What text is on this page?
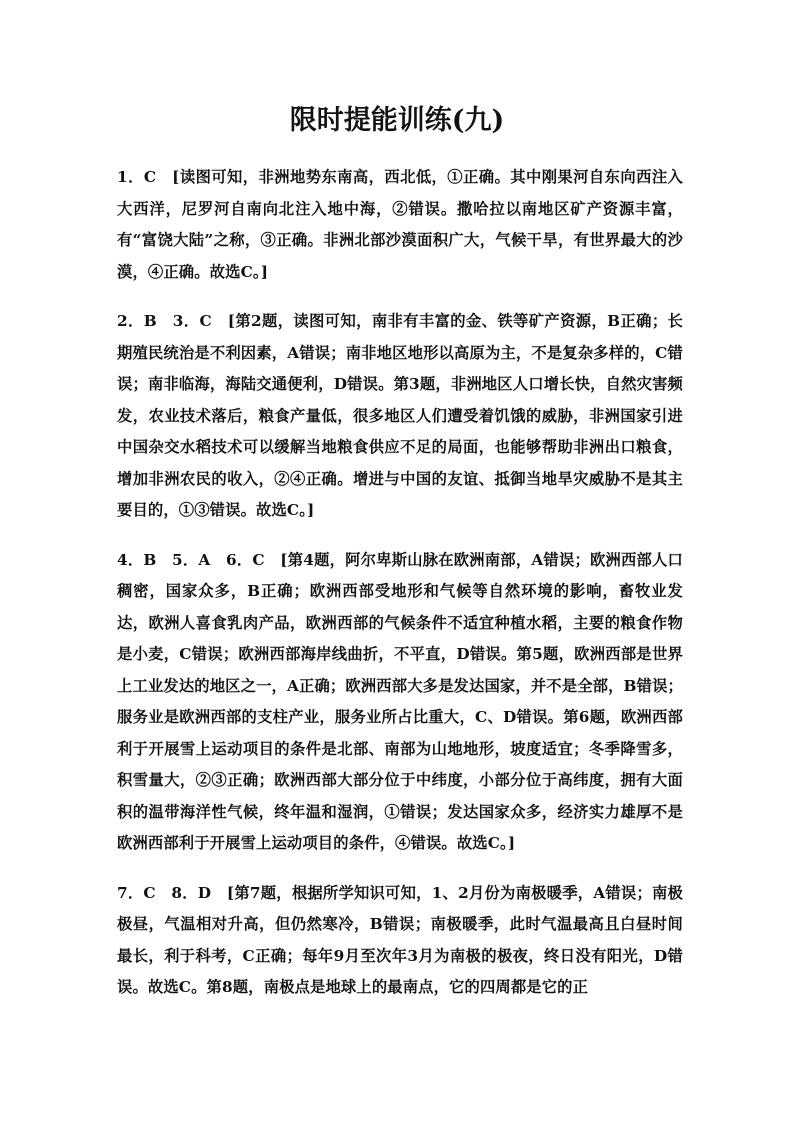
限时提能训练(九)

1．C　[读图可知，非洲地势东南高，西北低，①正确。其中刚果河自东向西注入大西洋，尼罗河自南向北注入地中海，②错误。撒哈拉以南地区矿产资源丰富，有“富饶大陆”之称，③正确。非洲北部沙漠面积广大，气候干旱，有世界最大的沙漠，④正确。故选C。]

2．B　3．C　[第2题，读图可知，南非有丰富的金、铁等矿产资源，B正确；长期殖民统治是不利因素，A错误；南非地区地形以高原为主，不是复杂多样的，C错误；南非临海，海陆交通便利，D错误。第3题，非洲地区人口增长快，自然灾害频发，农业技术落后，粮食产量低，很多地区人们遭受着饥饿的威胁，非洲国家引进中国杂交水稻技术可以缓解当地粮食供应不足的局面，也能够帮助非洲出口粮食，增加非洲农民的收入，②④正确。增进与中国的友谊、抵御当地旱灾威胁不是其主要目的，①③错误。故选C。]

4．B　5．A　6．C　[第4题，阿尔卑斯山脉在欧洲南部，A错误；欧洲西部人口稠密，国家众多，B正确；欧洲西部受地形和气候等自然环境的影响，畜牧业发达，欧洲人喜食乳肉产品，欧洲西部的气候条件不适宜种植水稻，主要的粮食作物是小麦，C错误；欧洲西部海岸线曲折，不平直，D错误。第5题，欧洲西部是世界上工业发达的地区之一，A正确；欧洲西部大多是发达国家，并不是全部，B错误；服务业是欧洲西部的支柱产业，服务业所占比重大，C、D错误。第6题，欧洲西部利于开展雪上运动项目的条件是北部、南部为山地地形，坡度适宜；冬季降雪多，积雪量大，②③正确；欧洲西部大部分位于中纬度，小部分位于高纬度，拥有大面积的温带海洋性气候，终年温和湿润，①错误；发达国家众多，经济实力雄厚不是欧洲西部利于开展雪上运动项目的条件，④错误。故选C。]

7．C　8．D　[第7题，根据所学知识可知，1、2月份为南极暖季，A错误；南极极昼，气温相对升高，但仍然寒冷，B错误；南极暖季，此时气温最高且白昼时间最长，利于科考，C正确；每年9月至次年3月为南极的极夜，终日没有阳光，D错误。故选C。第8题，南极点是地球上的最南点，它的四周都是它的正
